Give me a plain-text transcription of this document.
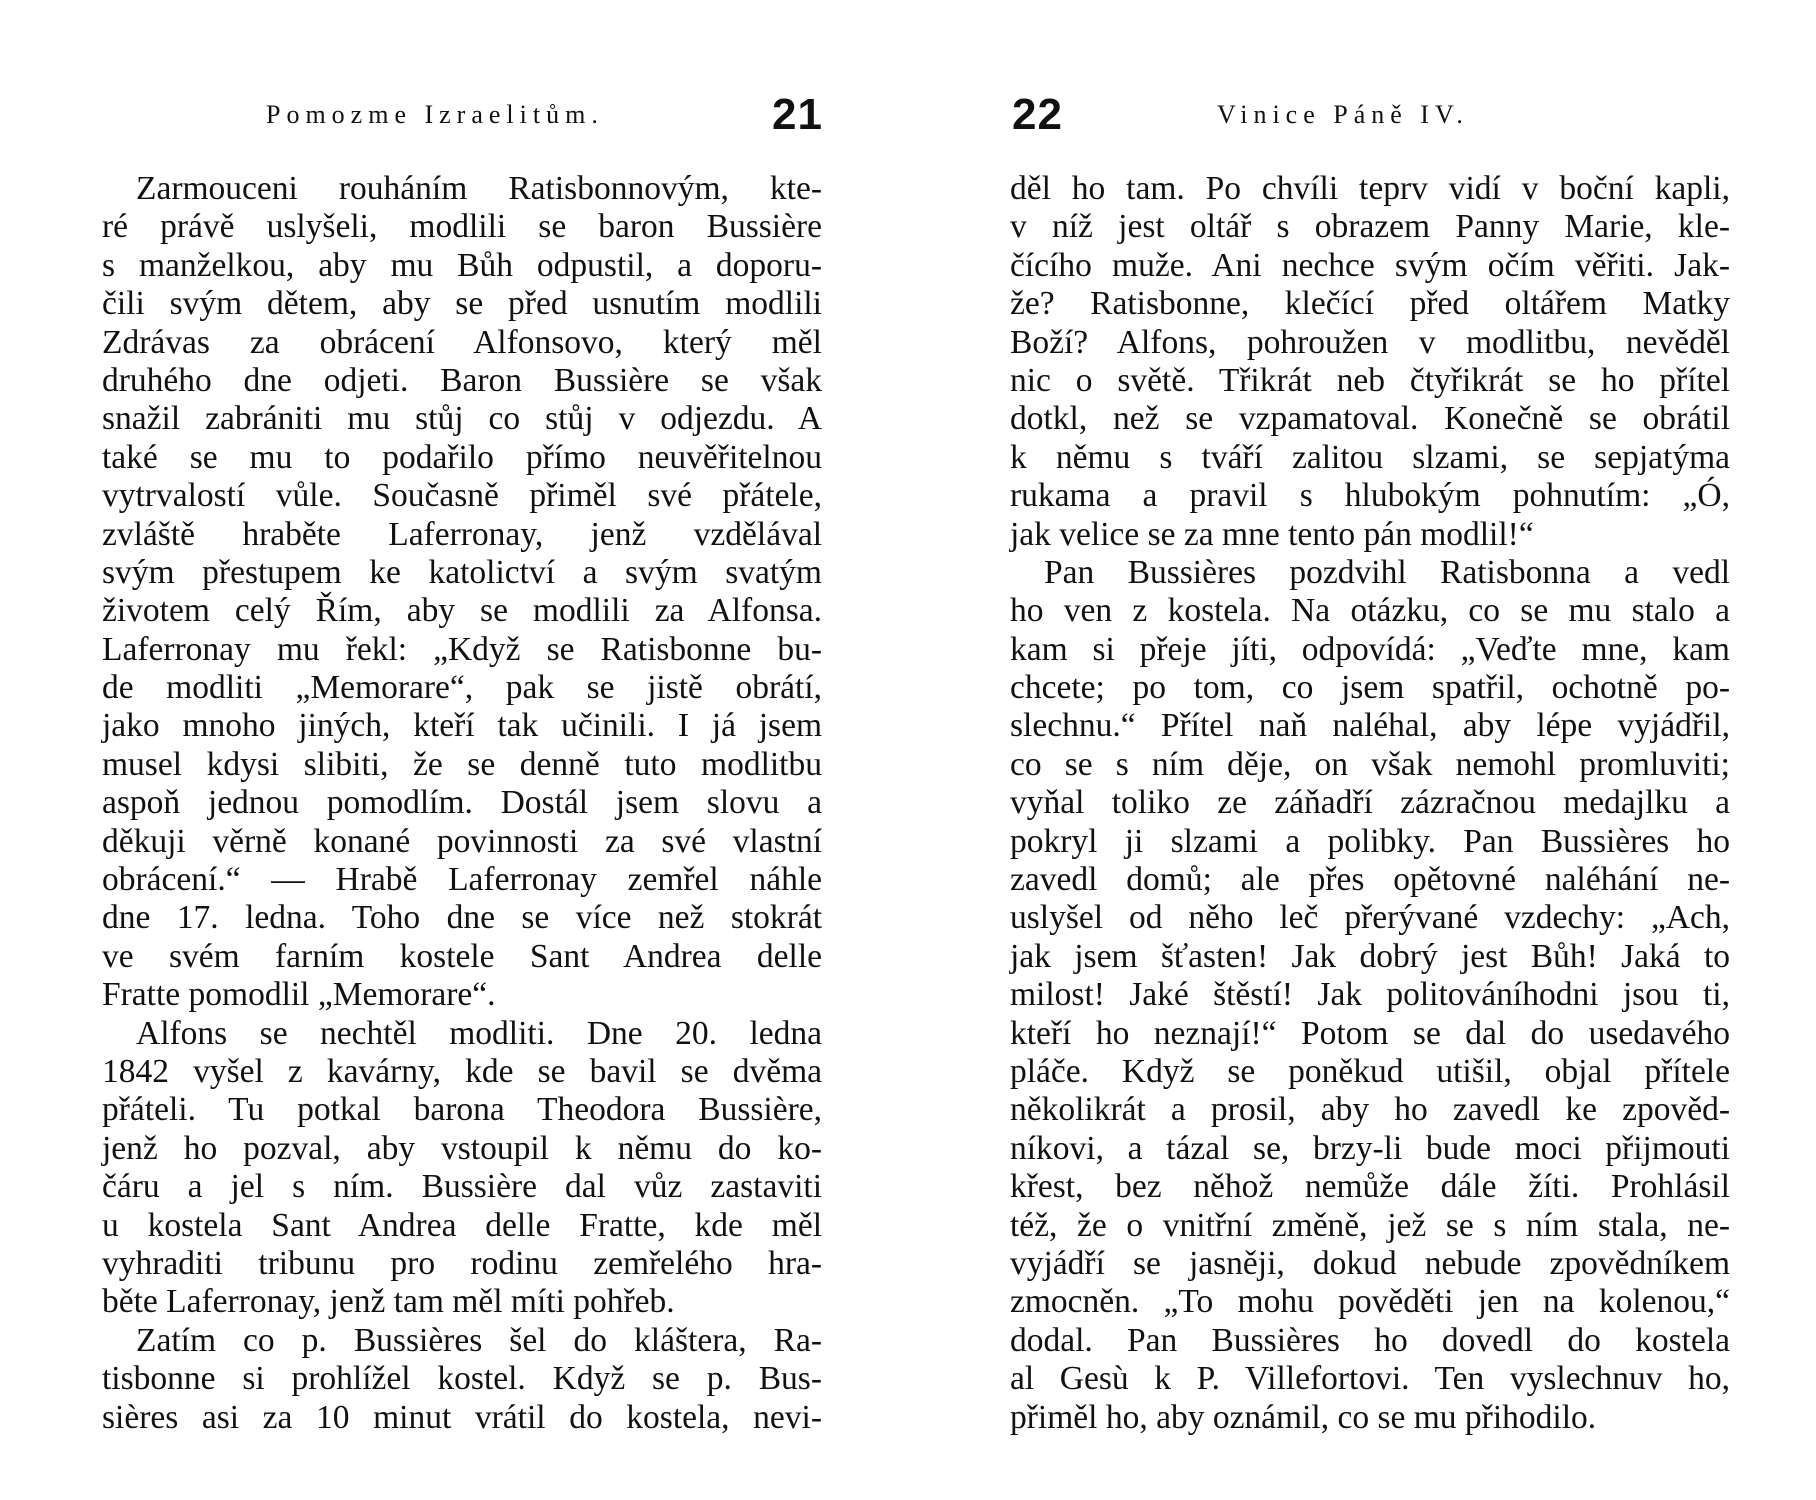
Pomozme Izraelitům.	21
Zarmouceni rouháním Ratisbonnovým, kte-
ré právě uslyšeli, modlili se baron Bussière
s manželkou, aby mu Bůh odpustil, a doporu-
čili svým dětem, aby se před usnutím modlili
Zdrávas za obrácení Alfonsovo, který měl
druhého dne odjeti. Baron Bussière se však
snažil zabrániti mu stůj co stůj v odjezdu. A
také se mu to podařilo přímo neuvěřitelnou
vytrvalostí vůle. Současně přiměl své přátele,
zvláště hraběte Laferronay, jenž vzdělával
svým přestupem ke katolictví a svým svatým
životem celý Řím, aby se modlili za Alfonsa.
Laferronay mu řekl: „Když se Ratisbonne bu-
de modliti „Memorare“, pak se jistě obrátí,
jako mnoho jiných, kteří tak učinili. I já jsem
musel kdysi slibiti, že se denně tuto modlitbu
aspoň jednou pomodlím. Dostál jsem slovu a
děkuji věrně konané povinnosti za své vlastní
obrácení.“ — Hrabě Laferronay zemřel náhle
dne 17. ledna. Toho dne se více než stokrát
ve svém farním kostele Sant Andrea delle
Fratte pomodlil „Memorare“.
Alfons se nechtěl modliti. Dne 20. ledna
1842 vyšel z kavárny, kde se bavil se dvěma
přáteli. Tu potkal barona Theodora Bussière,
jenž ho pozval, aby vstoupil k němu do ko-
čáru a jel s ním. Bussière dal vůz zastaviti
u kostela Sant Andrea delle Fratte, kde měl
vyhraditi tribunu pro rodinu zemřelého hra-
běte Laferronay, jenž tam měl míti pohřeb.
Zatím co p. Bussières šel do kláštera, Ra-
tisbonne si prohlížel kostel. Když se p. Bus-
sières asi za 10 minut vrátil do kostela, nevi-
22	Vinice Páně IV.
děl ho tam. Po chvíli teprv vidí v boční kapli,
v níž jest oltář s obrazem Panny Marie, kle-
čícího muže. Ani nechce svým očím věřiti. Jak-
že? Ratisbonne, klečící před oltářem Matky
Boží? Alfons, pohroužen v modlitbu, nevěděl
nic o světě. Třikrát neb čtyřikrát se ho přítel
dotkl, než se vzpamatoval. Konečně se obrátil
k němu s tváří zalitou slzami, se sepjatýma
rukama a pravil s hlubokým pohnutím: „Ó,
jak velice se za mne tento pán modlil!“
Pan Bussières pozdvihl Ratisbonna a vedl
ho ven z kostela. Na otázku, co se mu stalo a
kam si přeje jíti, odpovídá: „Veďte mne, kam
chcete; po tom, co jsem spatřil, ochotně po-
slechnu.“ Přítel naň naléhal, aby lépe vyjádřil,
co se s ním děje, on však nemohl promluviti;
vyňal toliko ze záňadří zázračnou medajlku a
pokryl ji slzami a polibky. Pan Bussières ho
zavedl domů; ale přes opětovné naléhání ne-
uslyšel od něho leč přerývané vzdechy: „Ach,
jak jsem šťasten! Jak dobrý jest Bůh! Jaká to
milost! Jaké štěstí! Jak politováníhodni jsou ti,
kteří ho neznají!“ Potom se dal do usedavého
pláče. Když se poněkud utišil, objal přítele
několikrát a prosil, aby ho zavedl ke zpověd-
níkovi, a tázal se, brzy-li bude moci přijmouti
křest, bez něhož nemůže dále žíti. Prohlásil
též, že o vnitřní změně, jež se s ním stala, ne-
vyjádří se jasněji, dokud nebude zpovědníkem
zmocněn. „To mohu pověděti jen na kolenou,“
dodal. Pan Bussières ho dovedl do kostela
al Gesù k P. Villefortovi. Ten vyslechnuv ho,
přiměl ho, aby oznámil, co se mu přihodilo.
